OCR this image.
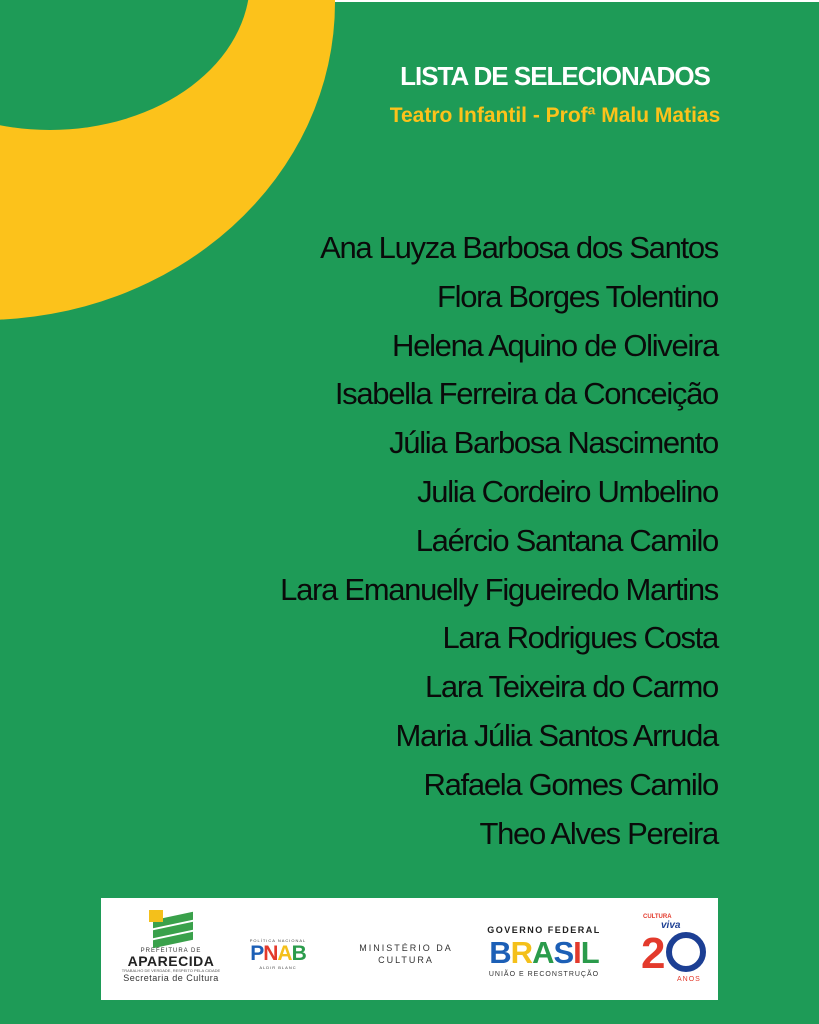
LISTA DE SELECIONADOS
Teatro Infantil - Profª Malu Matias
Ana Luyza Barbosa dos Santos
Flora Borges Tolentino
Helena Aquino de Oliveira
Isabella Ferreira da Conceição
Júlia Barbosa Nascimento
Julia Cordeiro Umbelino
Laércio Santana Camilo
Lara Emanuelly Figueiredo Martins
Lara Rodrigues Costa
Lara Teixeira do Carmo
Maria Júlia Santos Arruda
Rafaela Gomes Camilo
Theo Alves Pereira
PREFEITURA DE
APARECIDA
TRABALHO DE VERDADE, RESPEITO PELA CIDADE
Secretaria de Cultura
POLÍTICA NACIONAL
PNAB
ALDIR BLANC
MINISTÉRIO DA
CULTURA
GOVERNO FEDERAL
BRASIL
UNIÃO E RECONSTRUÇÃO
CULTURA
viva
2
ANOS
